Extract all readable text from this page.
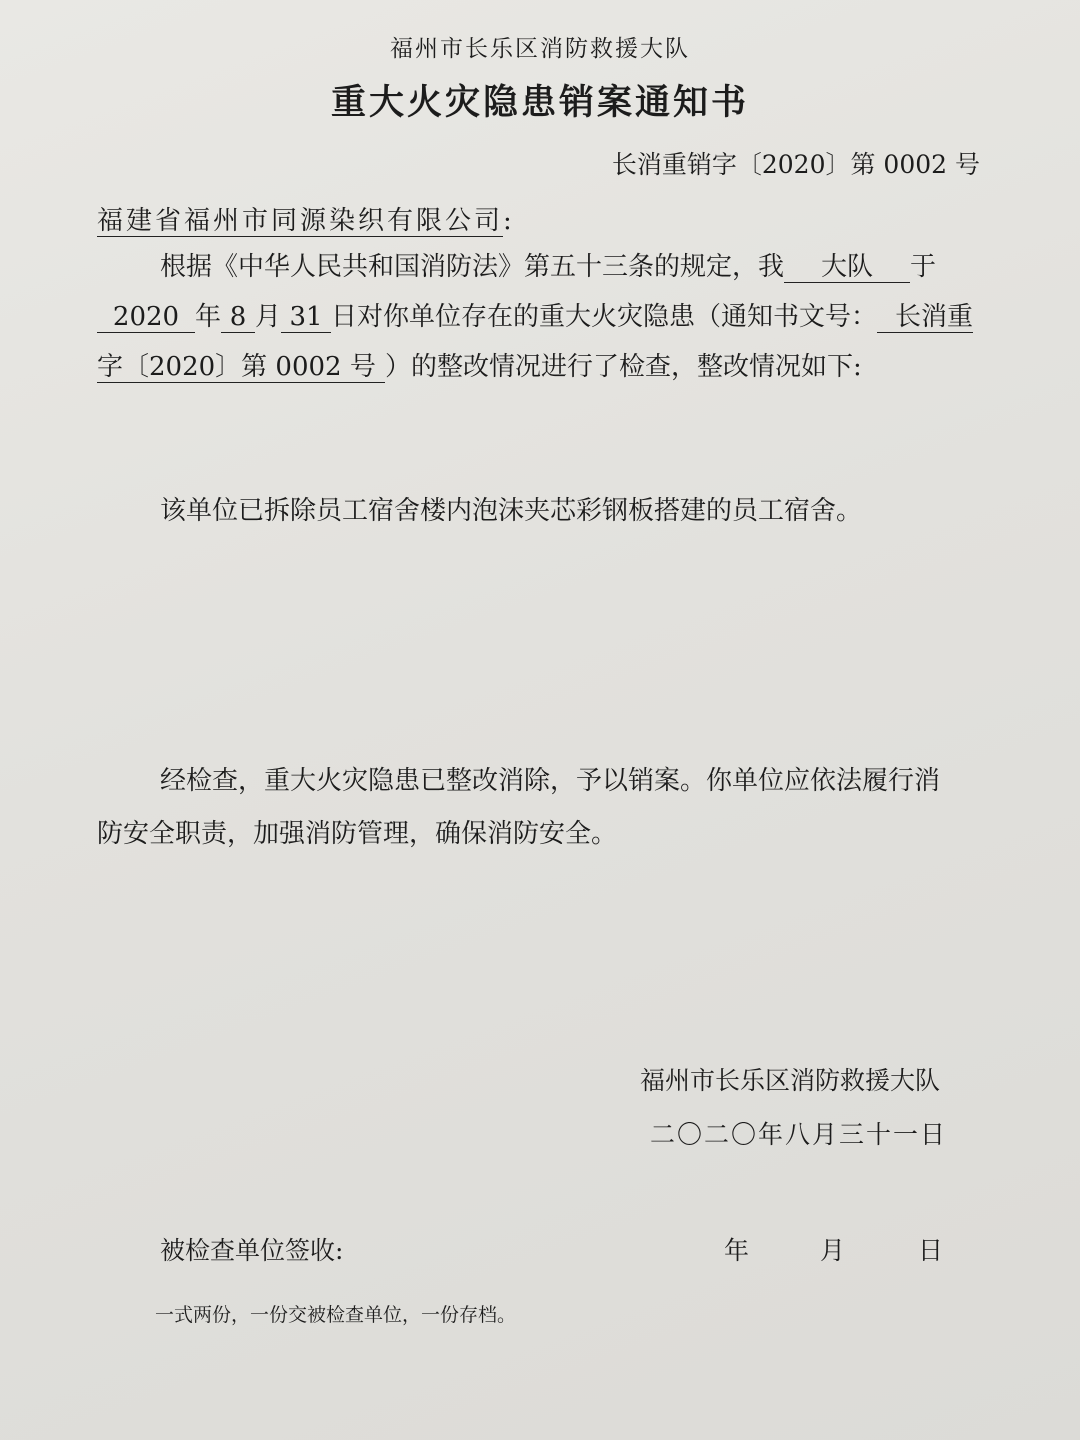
福州市长乐区消防救援大队
重大火灾隐患销案通知书
长消重销字〔2020〕第 0002 号
福建省福州市同源染织有限公司:
根据《中华人民共和国消防法》第五十三条的规定，我 大队 于
2020 年 8 月 31 日对你单位存在的重大火灾隐患（通知书文号： 长消重
字〔2020〕第 0002 号 ）的整改情况进行了检查，整改情况如下:
该单位已拆除员工宿舍楼内泡沫夹芯彩钢板搭建的员工宿舍。
经检查，重大火灾隐患已整改消除，予以销案。你单位应依法履行消
防安全职责，加强消防管理，确保消防安全。
福州市长乐区消防救援大队
二〇二〇年八月三十一日
被检查单位签收:	年	月	日
一式两份，一份交被检查单位，一份存档。
